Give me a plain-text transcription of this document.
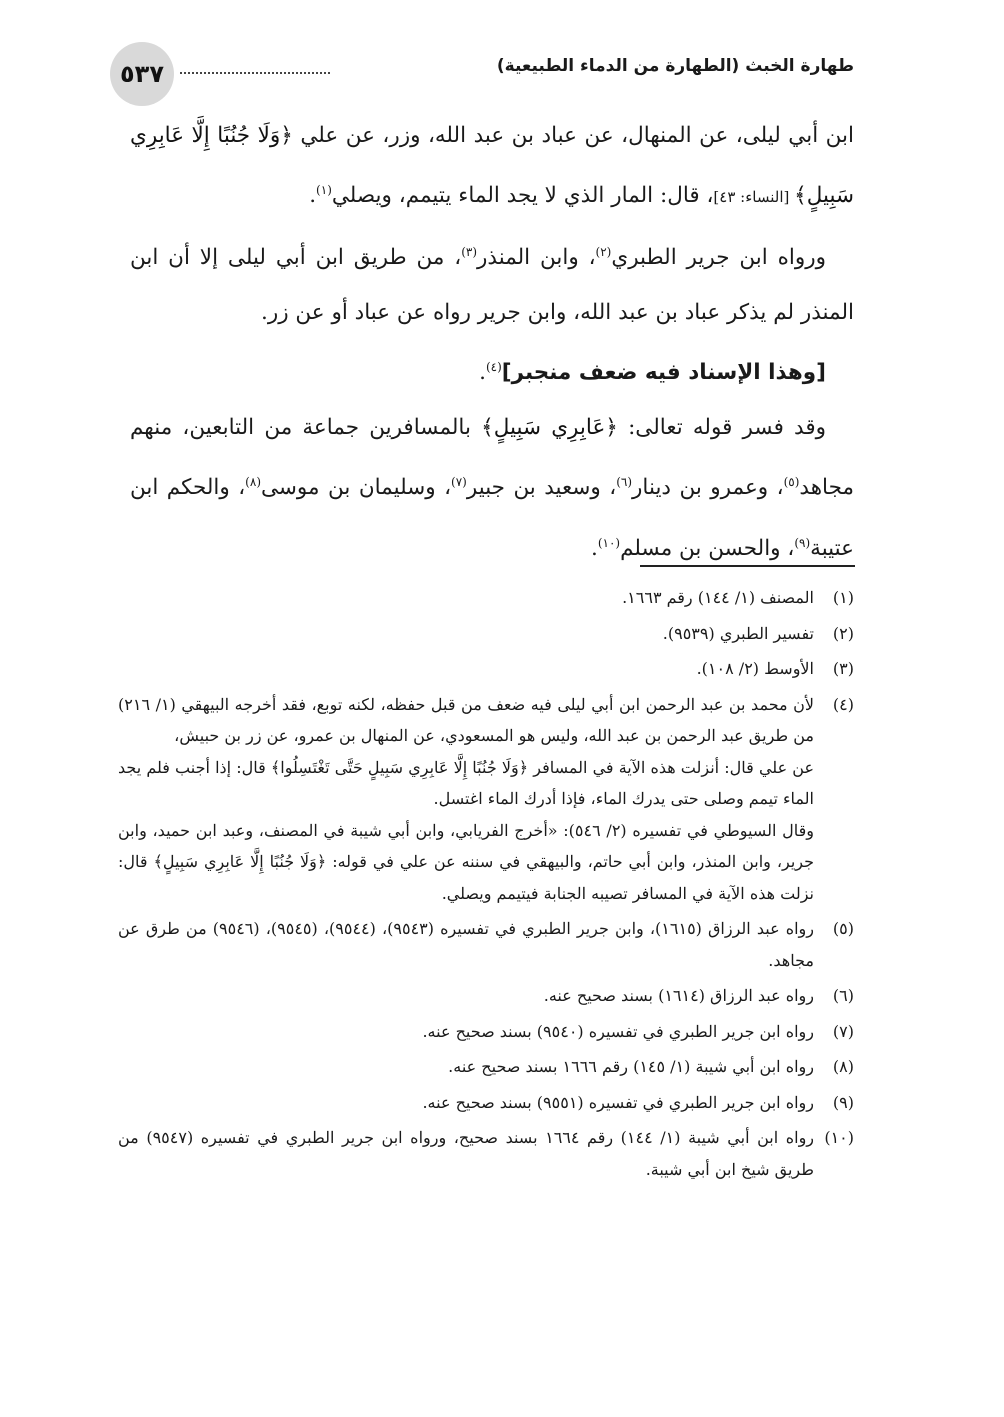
٥٣٧	طهارة الخبث (الطهارة من الدماء الطبيعية)

ابن أبي ليلى، عن المنهال، عن عباد بن عبد الله، وزر، عن علي ﴿وَلَا جُنُبًا إِلَّا عَابِرِي سَبِيلٍ﴾ [النساء: ٤٣]، قال: المار الذي لا يجد الماء يتيمم، ويصلي$^{(١)}$.

ورواه ابن جرير الطبري$^{(٢)}$، وابن المنذر$^{(٣)}$، من طريق ابن أبي ليلى إلا أن ابن المنذر لم يذكر عباد بن عبد الله، وابن جرير رواه عن عباد أو عن زر.

[وهذا الإسناد فيه ضعف منجبر]$^{(٤)}$.

وقد فسر قوله تعالى: ﴿عَابِرِي سَبِيلٍ﴾ بالمسافرين جماعة من التابعين، منهم مجاهد$^{(٥)}$، وعمرو بن دينار$^{(٦)}$، وسعيد بن جبير$^{(٧)}$، وسليمان بن موسى$^{(٨)}$، والحكم ابن عتيبة$^{(٩)}$، والحسن بن مسلم$^{(١٠)}$.

(١)
المصنف (١/ ١٤٤) رقم ١٦٦٣.
(٢)
تفسير الطبري (٩٥٣٩).
(٣)
الأوسط (٢/ ١٠٨).
(٤)
لأن محمد بن عبد الرحمن ابن أبي ليلى فيه ضعف من قبل حفظه، لكنه توبع، فقد أخرجه البيهقي (١/ ٢١٦) من طريق عبد الرحمن بن عبد الله، وليس هو المسعودي، عن المنهال بن عمرو، عن زر بن حبيش،

عن علي قال: أنزلت هذه الآية في المسافر ﴿وَلَا جُنُبًا إِلَّا عَابِرِي سَبِيلٍ حَتَّى تَغْتَسِلُوا﴾ قال: إذا أجنب فلم يجد الماء تيمم وصلى حتى يدرك الماء، فإذا أدرك الماء اغتسل.

وقال السيوطي في تفسيره (٢/ ٥٤٦): «أخرج الفريابي، وابن أبي شيبة في المصنف، وعبد ابن حميد، وابن جرير، وابن المنذر، وابن أبي حاتم، والبيهقي في سننه عن علي في قوله: ﴿وَلَا جُنُبًا إِلَّا عَابِرِي سَبِيلٍ﴾ قال: نزلت هذه الآية في المسافر تصيبه الجنابة فيتيمم ويصلي.

(٥)
رواه عبد الرزاق (١٦١٥)، وابن جرير الطبري في تفسيره (٩٥٤٣)، (٩٥٤٤)، (٩٥٤٥)، (٩٥٤٦) من طرق عن مجاهد.
(٦)
رواه عبد الرزاق (١٦١٤) بسند صحيح عنه.
(٧)
رواه ابن جرير الطبري في تفسيره (٩٥٤٠) بسند صحيح عنه.
(٨)
رواه ابن أبي شيبة (١/ ١٤٥) رقم ١٦٦٦ بسند صحيح عنه.
(٩)
رواه ابن جرير الطبري في تفسيره (٩٥٥١) بسند صحيح عنه.
(١٠)
رواه ابن أبي شيبة (١/ ١٤٤) رقم ١٦٦٤ بسند صحيح، ورواه ابن جرير الطبري في تفسيره (٩٥٤٧) من طريق شيخ ابن أبي شيبة.
